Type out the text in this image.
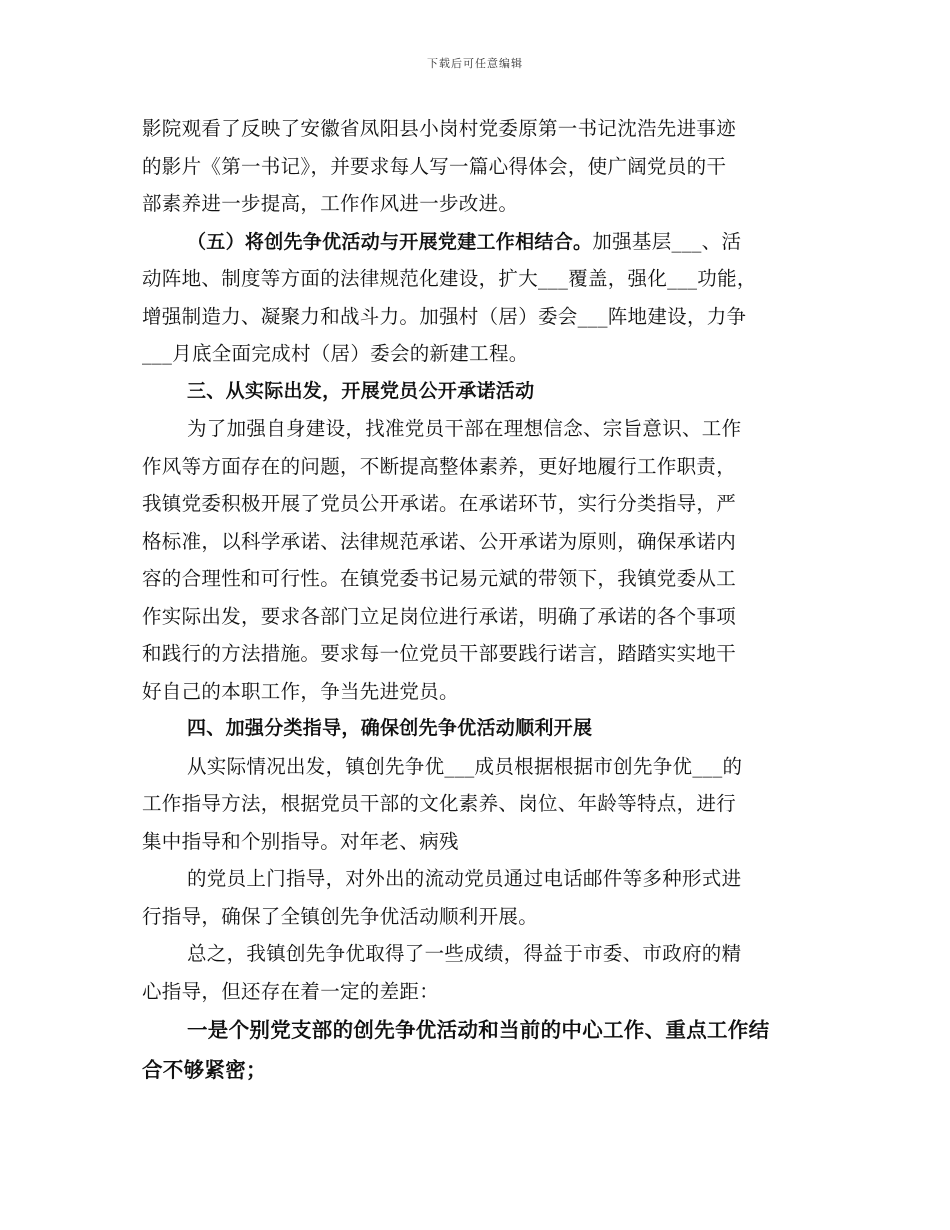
下载后可任意编辑
影院观看了反映了安徽省凤阳县小岗村党委原第一书记沈浩先进事迹
的影片《第一书记》，并要求每人写一篇心得体会，使广阔党员的干
部素养进一步提高，工作作风进一步改进。
（五）将创先争优活动与开展党建工作相结合。加强基层___、活
动阵地、制度等方面的法律规范化建设，扩大___覆盖，强化___功能，
增强制造力、凝聚力和战斗力。加强村（居）委会___阵地建设，力争
___月底全面完成村（居）委会的新建工程。
三、从实际出发，开展党员公开承诺活动
为了加强自身建设，找准党员干部在理想信念、宗旨意识、工作
作风等方面存在的问题，不断提高整体素养，更好地履行工作职责，
我镇党委积极开展了党员公开承诺。在承诺环节，实行分类指导，严
格标准，以科学承诺、法律规范承诺、公开承诺为原则，确保承诺内
容的合理性和可行性。在镇党委书记易元斌的带领下，我镇党委从工
作实际出发，要求各部门立足岗位进行承诺，明确了承诺的各个事项
和践行的方法措施。要求每一位党员干部要践行诺言，踏踏实实地干
好自己的本职工作，争当先进党员。
四、加强分类指导，确保创先争优活动顺利开展
从实际情况出发，镇创先争优___成员根据根据市创先争优___的
工作指导方法，根据党员干部的文化素养、岗位、年龄等特点，进行
集中指导和个别指导。对年老、病残
的党员上门指导，对外出的流动党员通过电话邮件等多种形式进
行指导，确保了全镇创先争优活动顺利开展。
总之，我镇创先争优取得了一些成绩，得益于市委、市政府的精
心指导，但还存在着一定的差距：
一是个别党支部的创先争优活动和当前的中心工作、重点工作结
合不够紧密；
